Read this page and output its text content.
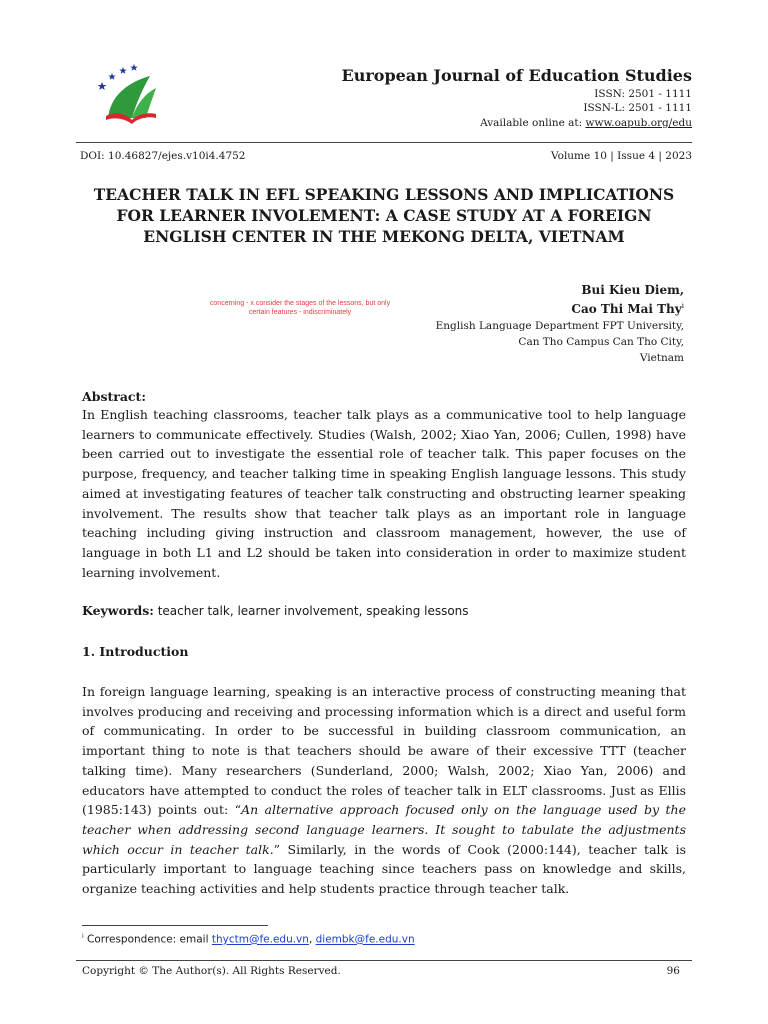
European Journal of Education Studies
ISSN: 2501 - 1111
ISSN-L: 2501 - 1111
Available online at: www.oapub.org/edu
DOI: 10.46827/ejes.v10i4.4752	Volume 10 | Issue 4 | 2023
TEACHER TALK IN EFL SPEAKING LESSONS AND IMPLICATIONS
FOR LEARNER INVOLEMENT: A CASE STUDY AT A FOREIGN
ENGLISH CENTER IN THE MEKONG DELTA, VIETNAM
Bui Kieu Diem,
Cao Thi Mai Thy$^i$
English Language Department FPT University,
Can Tho Campus Can Tho City,
Vietnam
concerning - x consider the stages of the lessons, but only
certain features - indiscriminately
Abstract:
In English teaching classrooms, teacher talk plays as a communicative tool to help language learners to communicate effectively. Studies (Walsh, 2002; Xiao Yan, 2006; Cullen, 1998) have been carried out to investigate the essential role of teacher talk. This paper focuses on the purpose, frequency, and teacher talking time in speaking English language lessons. This study aimed at investigating features of teacher talk constructing and obstructing learner speaking involvement. The results show that teacher talk plays as an important role in language teaching including giving instruction and classroom management, however, the use of language in both L1 and L2 should be taken into consideration in order to maximize student learning involvement.
Keywords: teacher talk, learner involvement, speaking lessons
1. Introduction
In foreign language learning, speaking is an interactive process of constructing meaning that involves producing and receiving and processing information which is a direct and useful form of communicating. In order to be successful in building classroom communication, an important thing to note is that teachers should be aware of their excessive TTT (teacher talking time). Many researchers (Sunderland, 2000; Walsh, 2002; Xiao Yan, 2006) and educators have attempted to conduct the roles of teacher talk in ELT classrooms. Just as Ellis (1985:143) points out: “An alternative approach focused only on the language used by the teacher when addressing second language learners. It sought to tabulate the adjustments which occur in teacher talk.” Similarly, in the words of Cook (2000:144), teacher talk is particularly important to language teaching since teachers pass on knowledge and skills, organize teaching activities and help students practice through teacher talk.
$^i$ Correspondence: email thyctm@fe.edu.vn, diembk@fe.edu.vn
Copyright © The Author(s). All Rights Reserved.	96
